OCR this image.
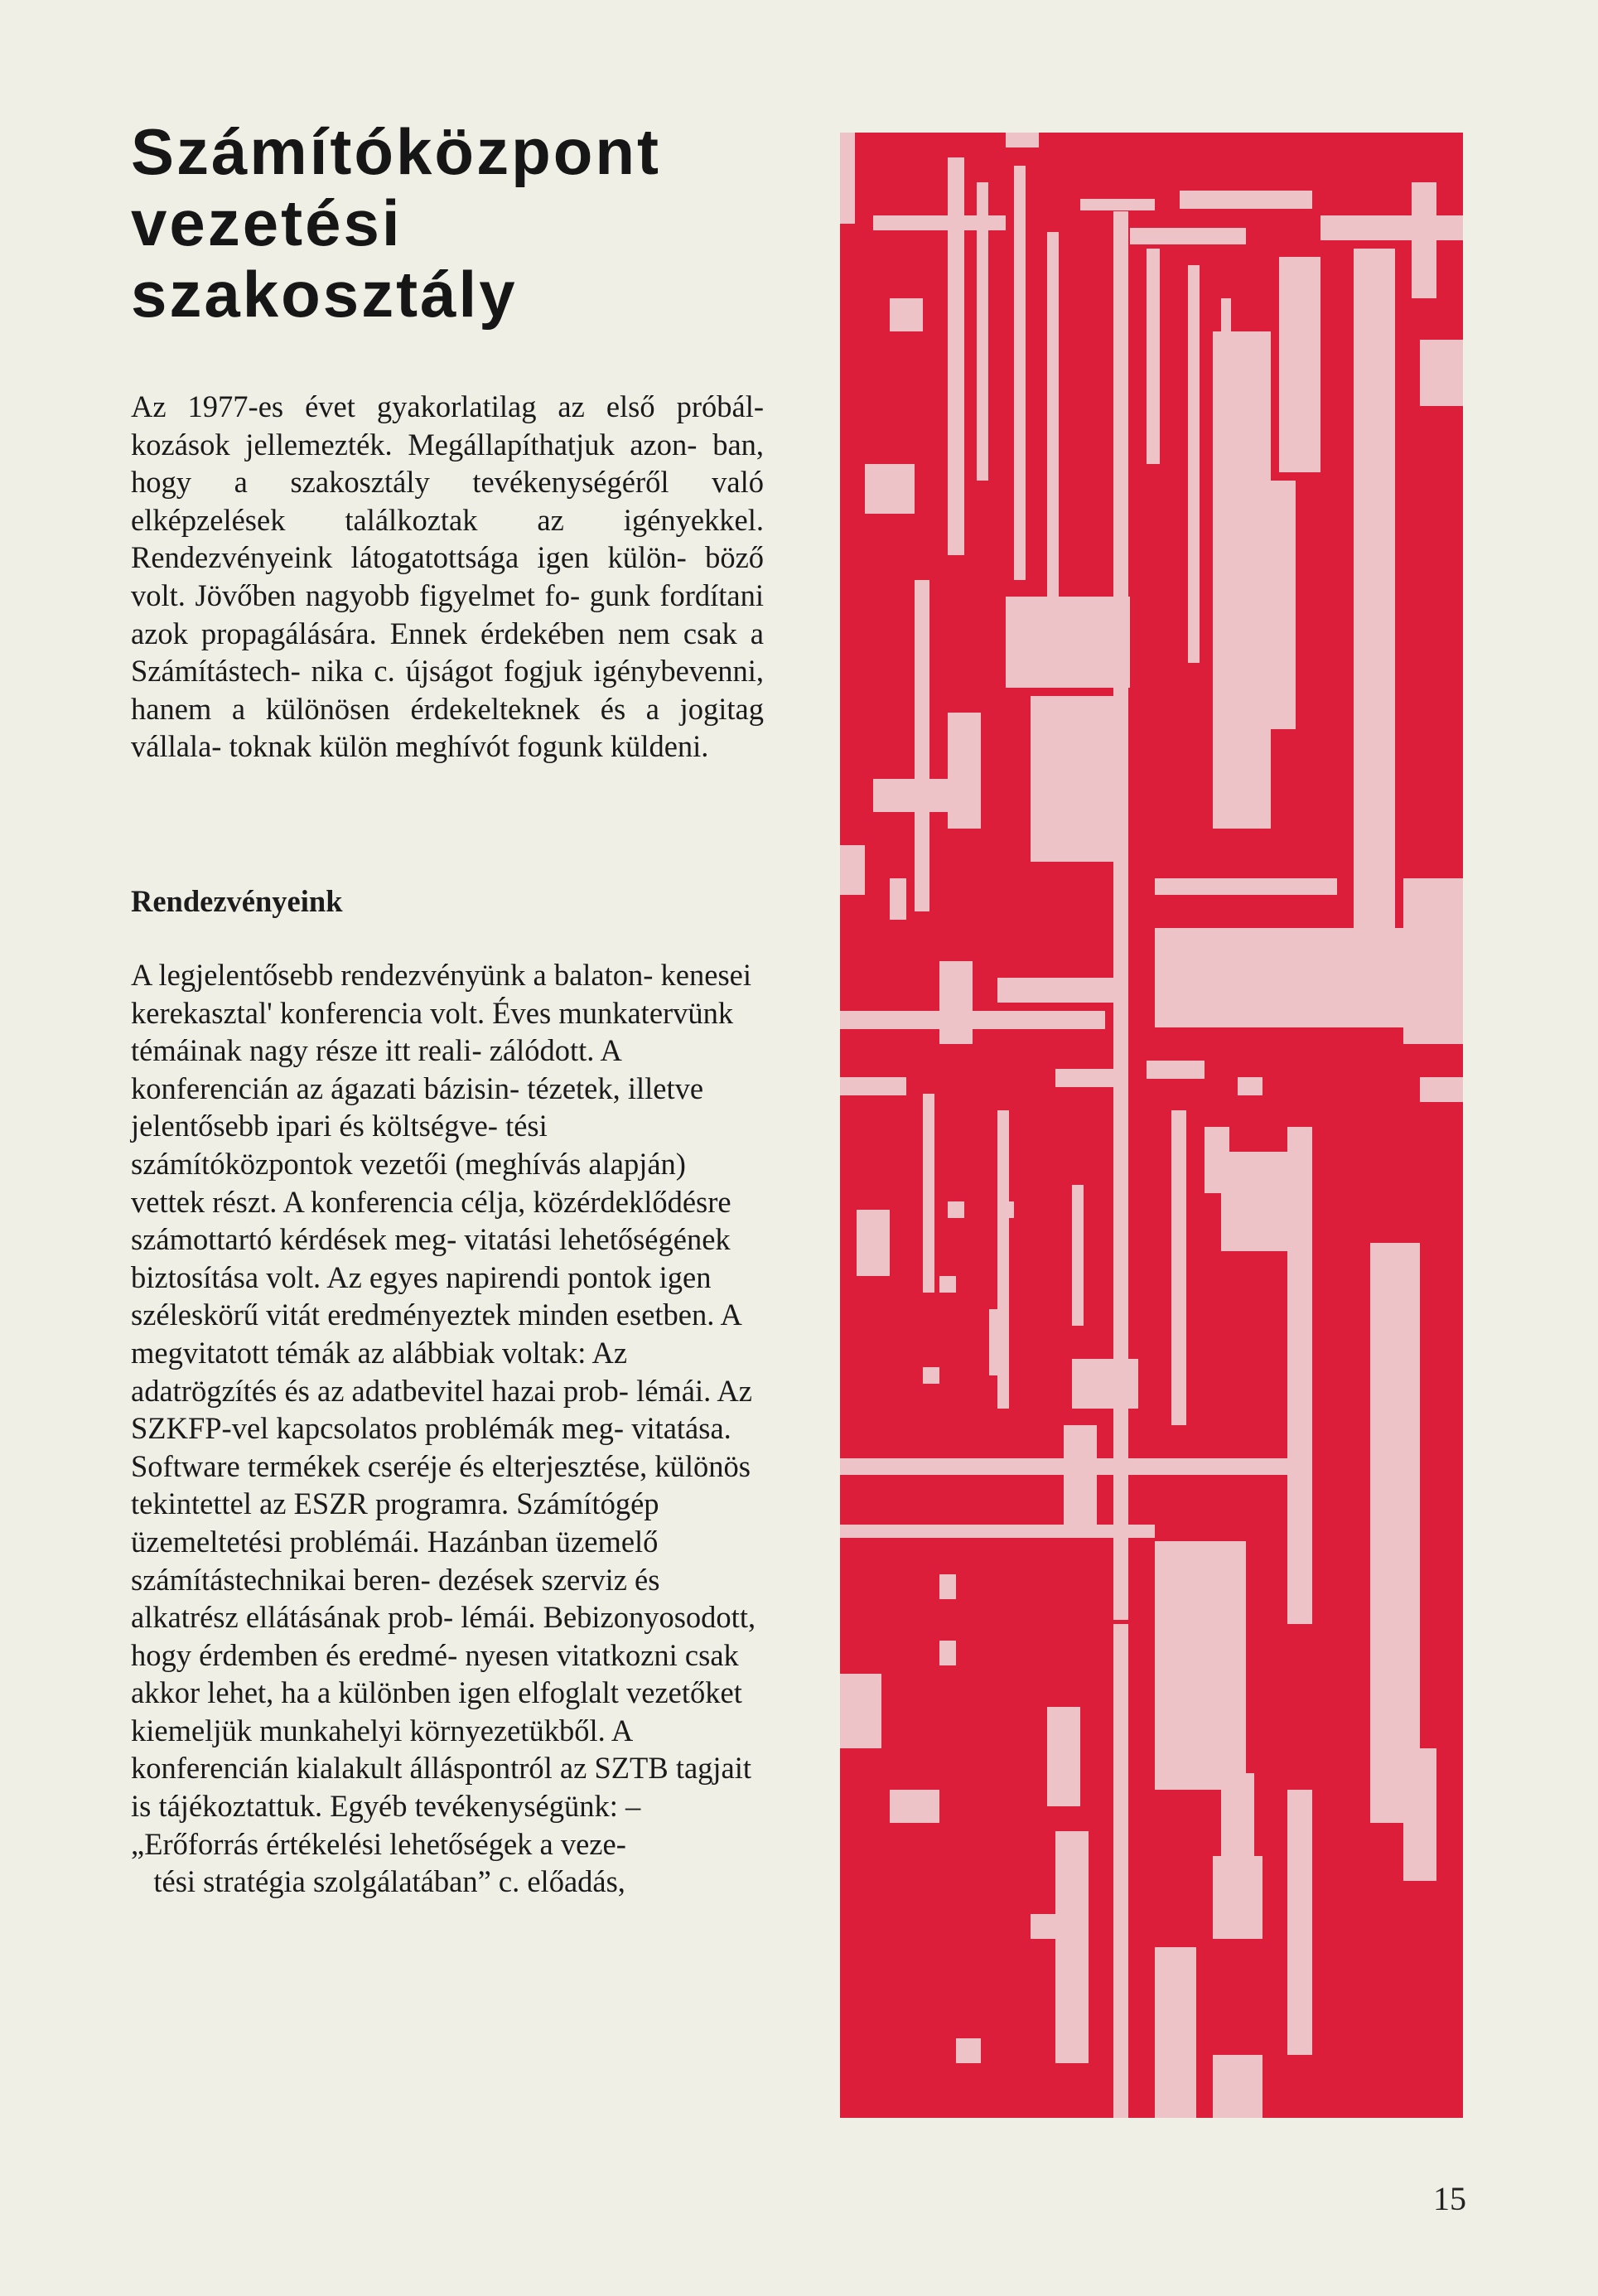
Számítóközpont
vezetési
szakosztály
Az 1977-es évet gyakorlatilag az első próbál- kozások jellemezték. Megállapíthatjuk azon- ban, hogy a szakosztály tevékenységéről való elképzelések találkoztak az igényekkel. Rendezvényeink látogatottsága igen külön- böző volt. Jövőben nagyobb figyelmet fo- gunk fordítani azok propagálására. Ennek érdekében nem csak a Számítástech- nika c. újságot fogjuk igénybevenni, hanem a különösen érdekelteknek és a jogitag vállala- toknak külön meghívót fogunk küldeni.
Rendezvényeink
A legjelentősebb rendezvényünk a balaton- kenesei kerekasztal' konferencia volt. Éves munkatervünk témáinak nagy része itt reali- zálódott. A konferencián az ágazati bázisin- tézetek, illetve jelentősebb ipari és költségve- tési számítóközpontok vezetői (meghívás alapján) vettek részt. A konferencia célja, közérdeklődésre számottartó kérdések meg- vitatási lehetőségének biztosítása volt. Az egyes napirendi pontok igen széleskörű vitát eredményeztek minden esetben. A megvitatott témák az alábbiak voltak: Az adatrögzítés és az adatbevitel hazai prob- lémái. Az SZKFP-vel kapcsolatos problémák meg- vitatása. Software termékek cseréje és elterjesztése, különös tekintettel az ESZR programra. Számítógép üzemeltetési problémái. Hazánban üzemelő számítástechnikai beren- dezések szerviz és alkatrész ellátásának prob- lémái. Bebizonyosodott, hogy érdemben és eredmé- nyesen vitatkozni csak akkor lehet, ha a különben igen elfoglalt vezetőket kiemeljük munkahelyi környezetükből. A konferencián kialakult álláspontról az SZTB tagjait is tájékoztattuk. Egyéb tevékenységünk: – „Erőforrás értékelési lehetőségek a veze-    tési stratégia szolgálatában” c. előadás,
15
